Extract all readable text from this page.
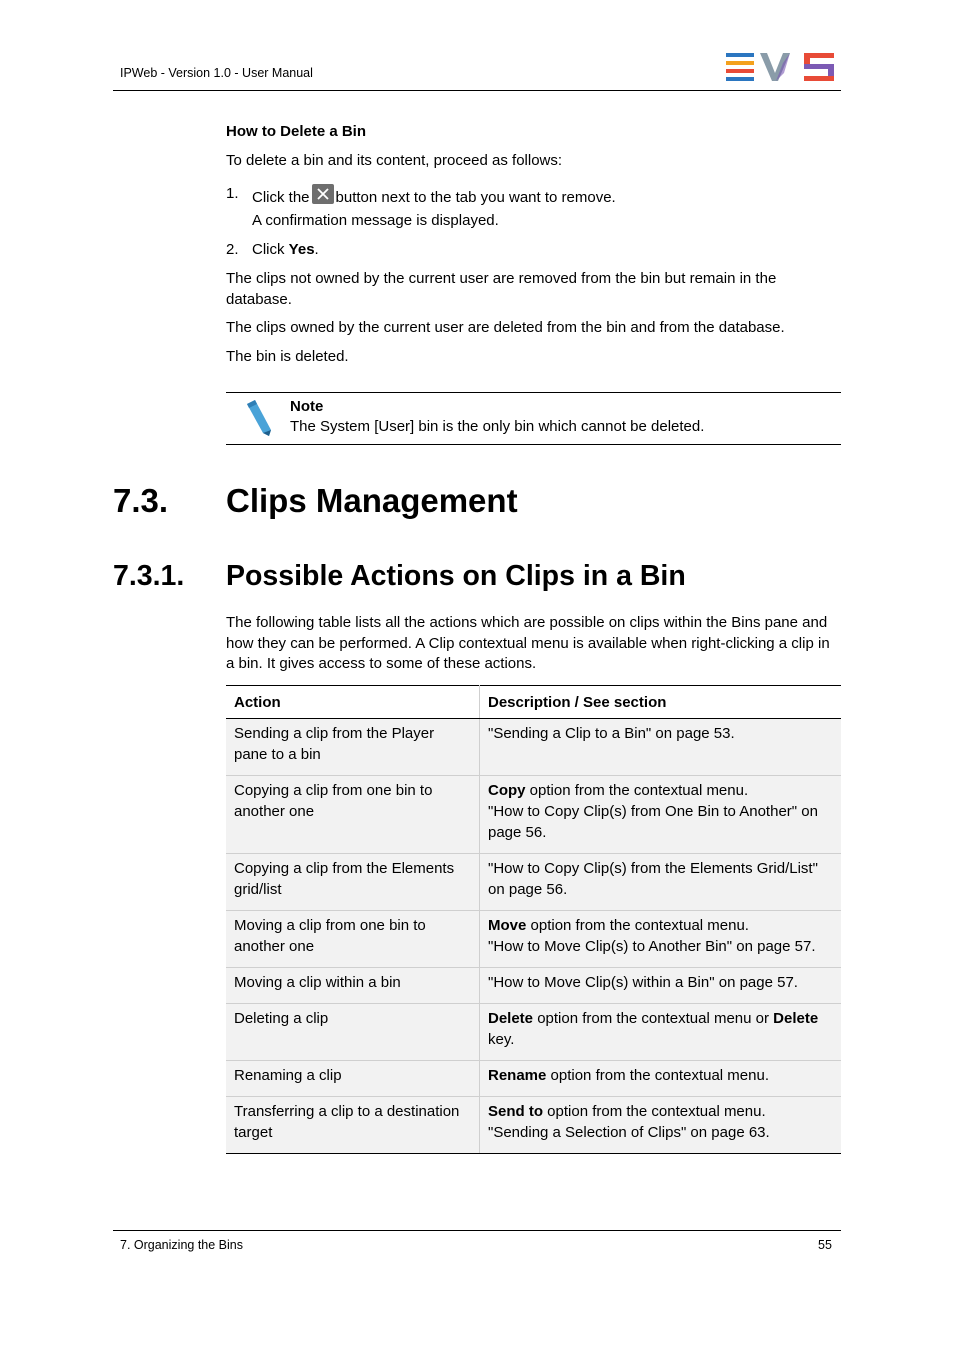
IPWeb - Version 1.0 - User Manual
How to Delete a Bin
To delete a bin and its content, proceed as follows:
1. Click the button next to the tab you want to remove.
A confirmation message is displayed.
2. Click Yes.
The clips not owned by the current user are removed from the bin but remain in the database.
The clips owned by the current user are deleted from the bin and from the database.
The bin is deleted.
Note
The System [User] bin is the only bin which cannot be deleted.
7.3. Clips Management
7.3.1. Possible Actions on Clips in a Bin
The following table lists all the actions which are possible on clips within the Bins pane and how they can be performed. A Clip contextual menu is available when right-clicking a clip in a bin. It gives access to some of these actions.
Action	Description / See section
Sending a clip from the Player pane to a bin	"Sending a Clip to a Bin" on page 53.
Copying a clip from one bin to another one	Copy option from the contextual menu.
"How to Copy Clip(s) from One Bin to Another" on page 56.
Copying a clip from the Elements grid/list	"How to Copy Clip(s) from the Elements Grid/List" on page 56.
Moving a clip from one bin to another one	Move option from the contextual menu.
"How to Move Clip(s) to Another Bin" on page 57.
Moving a clip within a bin	"How to Move Clip(s) within a Bin" on page 57.
Deleting a clip	Delete option from the contextual menu or Delete key.
Renaming a clip	Rename option from the contextual menu.
Transferring a clip to a destination target	Send to option from the contextual menu.
"Sending a Selection of Clips" on page 63.
7. Organizing the Bins	55
